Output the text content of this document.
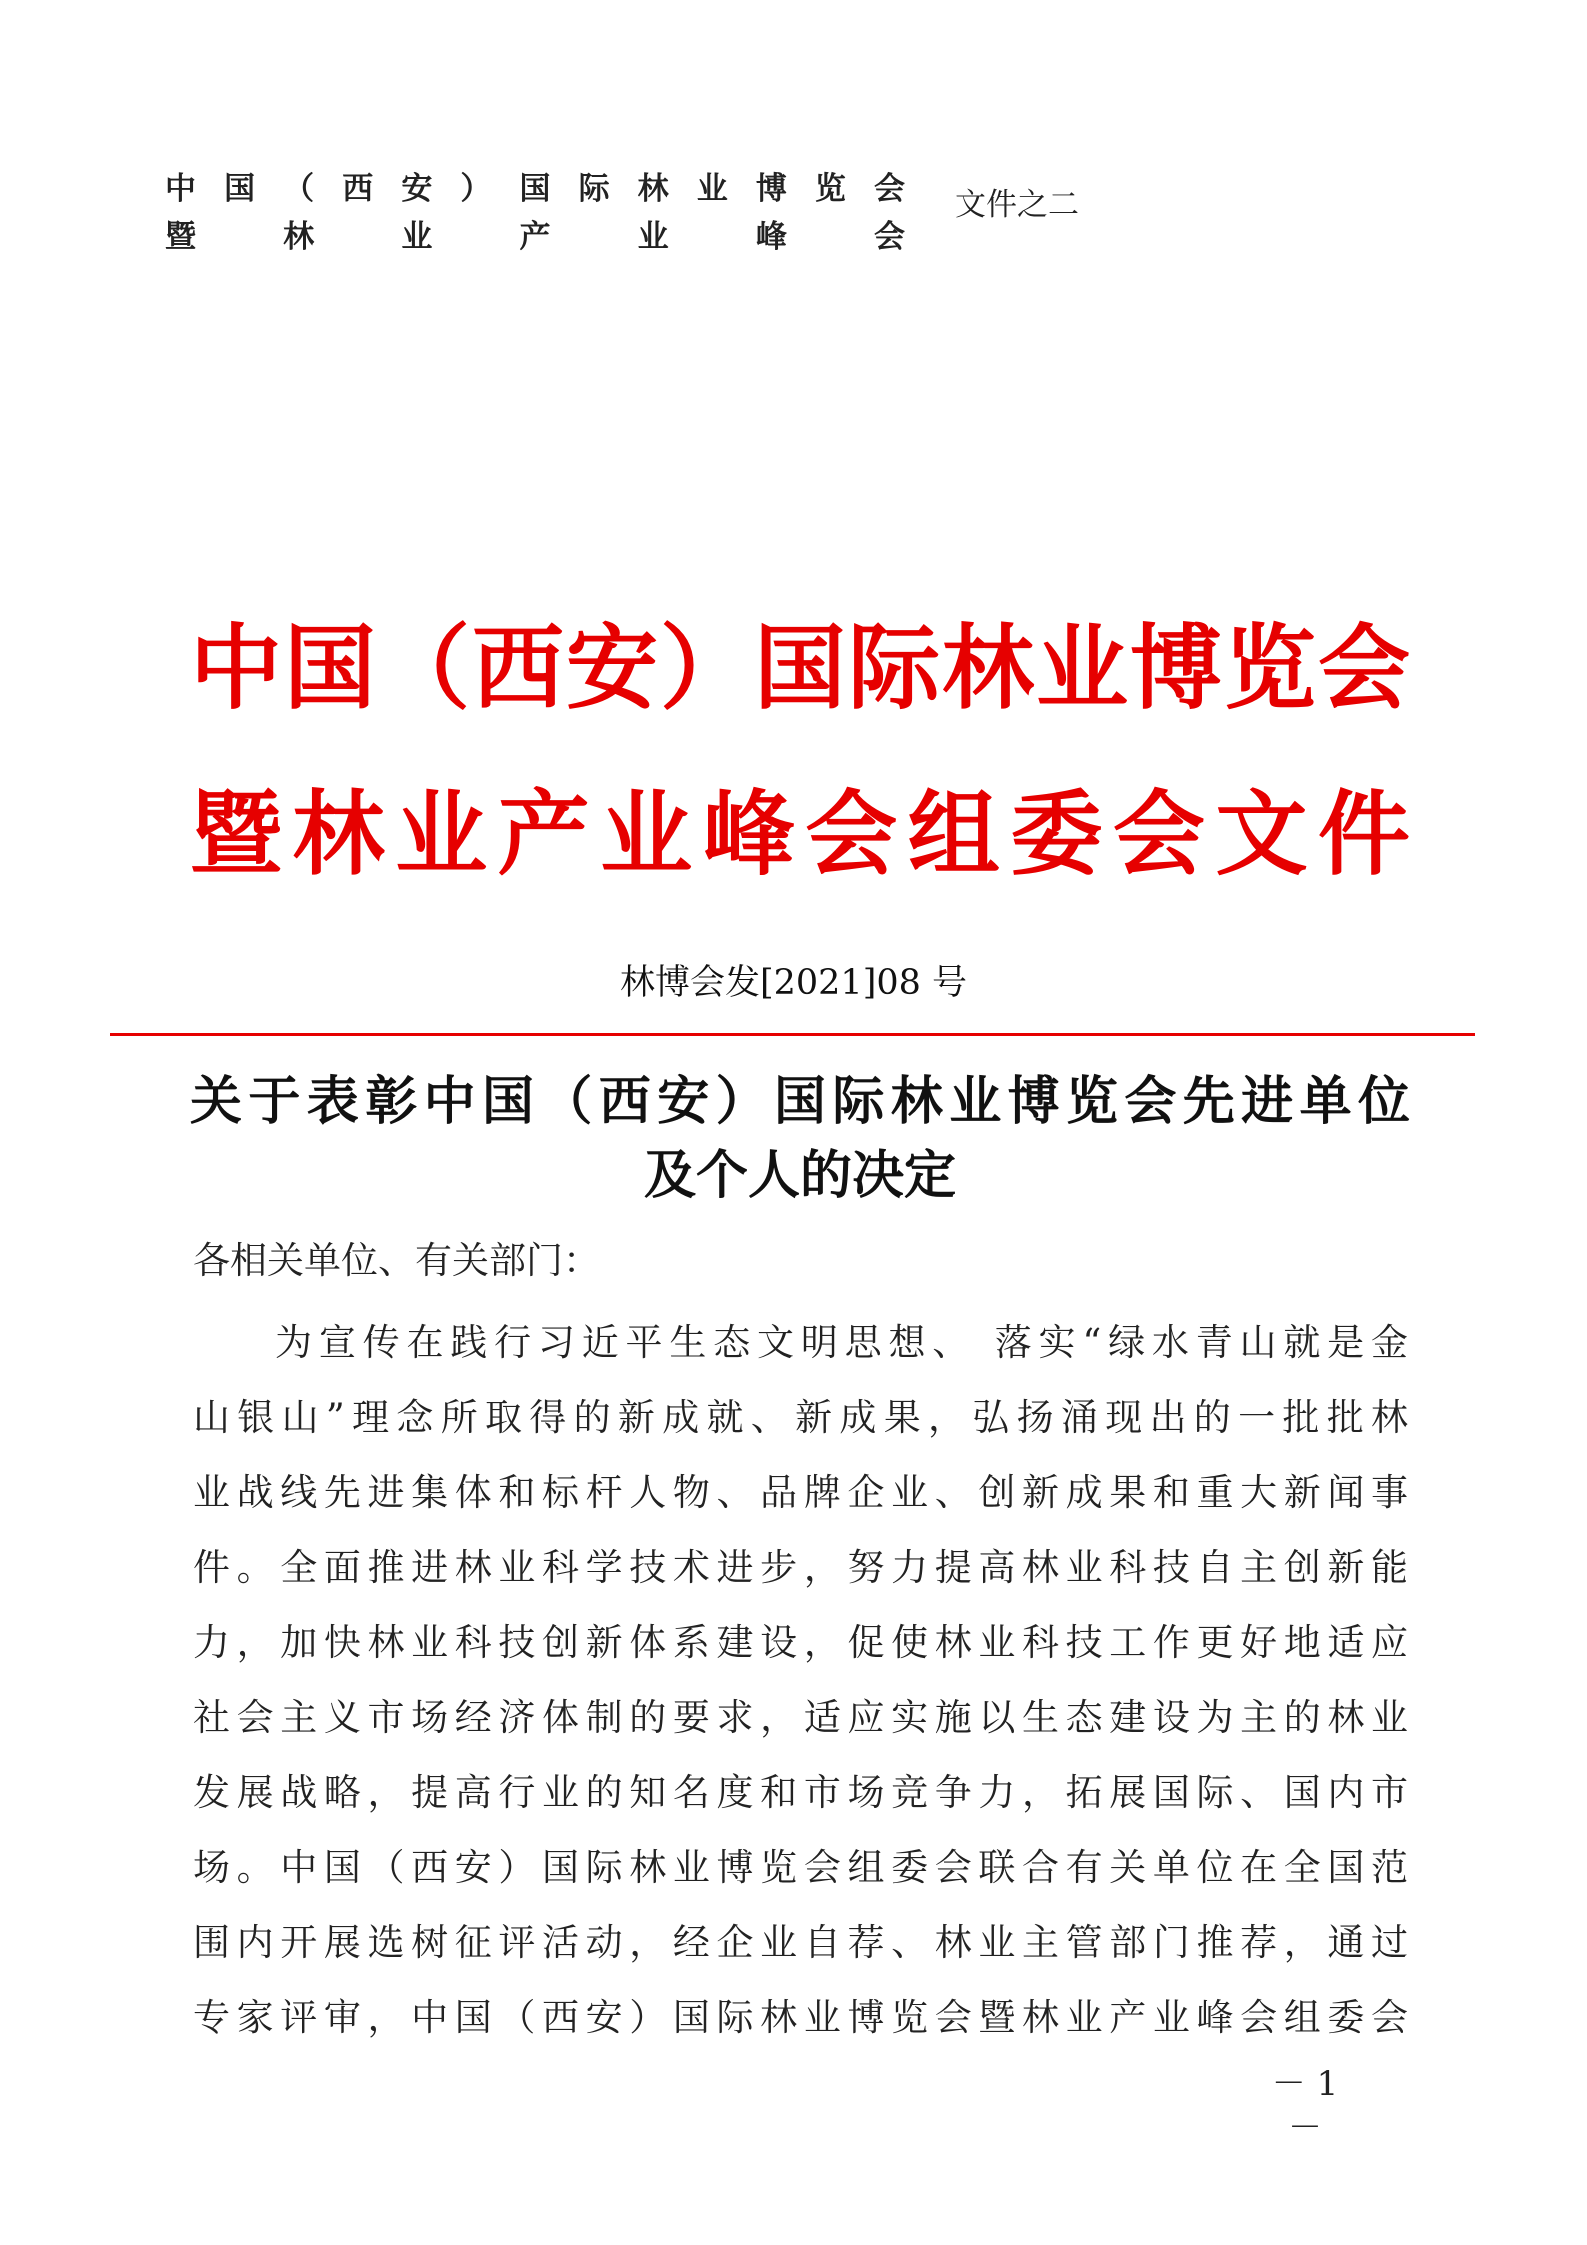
中国（西安）国际林业博览会
暨林业产业峰会
文件之二
中国（西安）国际林业博览会
暨林业产业峰会组委会文件
林博会发[2021]08 号
关于表彰中国（西安）国际林业博览会先进单位
及个人的决定
各相关单位、有关部门：
为宣传在践行习近平生态文明思想、 落实“绿水青山就是金
山银山”理念所取得的新成就、新成果，弘扬涌现出的一批批林
业战线先进集体和标杆人物、品牌企业、创新成果和重大新闻事
件。全面推进林业科学技术进步，努力提高林业科技自主创新能
力，加快林业科技创新体系建设，促使林业科技工作更好地适应
社会主义市场经济体制的要求，适应实施以生态建设为主的林业
发展战略，提高行业的知名度和市场竞争力，拓展国际、国内市
场。中国（西安）国际林业博览会组委会联合有关单位在全国范
围内开展选树征评活动，经企业自荐、林业主管部门推荐，通过
专家评审，中国（西安）国际林业博览会暨林业产业峰会组委会
－ 1 －
